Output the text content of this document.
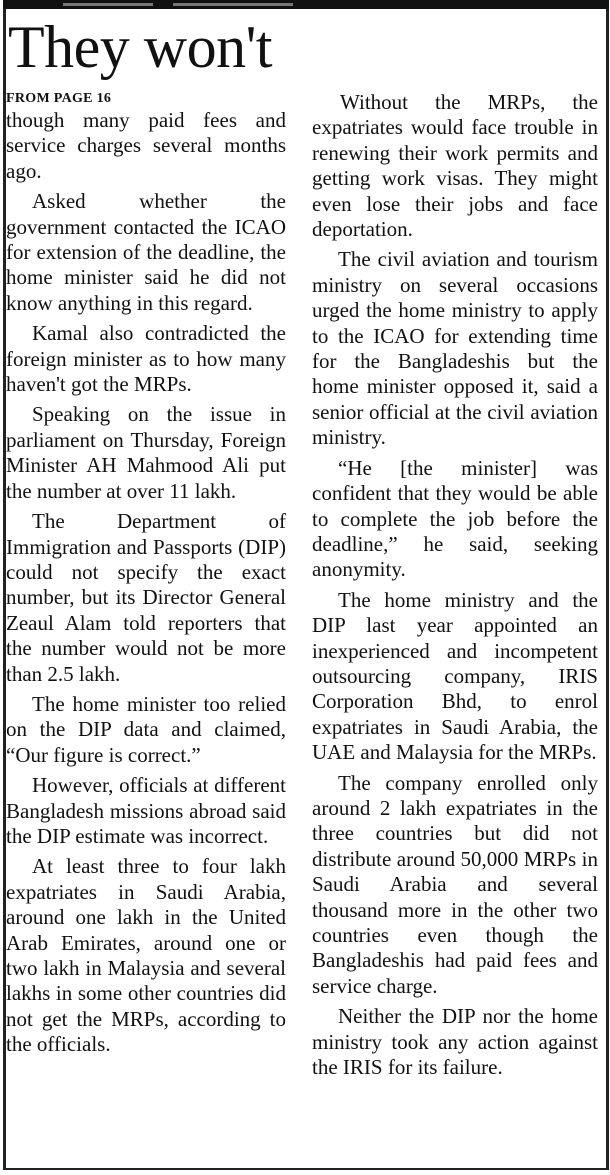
They won't
FROM PAGE 16

though many paid fees and service charges several months ago.

Asked whether the government contacted the ICAO for extension of the deadline, the home minister said he did not know anything in this regard.

Kamal also contradicted the foreign minister as to how many haven't got the MRPs.

Speaking on the issue in parliament on Thursday, Foreign Minister AH Mahmood Ali put the number at over 11 lakh.

The Department of Immigration and Passports (DIP) could not specify the exact number, but its Director General Zeaul Alam told reporters that the number would not be more than 2.5 lakh.

The home minister too relied on the DIP data and claimed, “Our figure is correct.”

However, officials at different Bangladesh missions abroad said the DIP estimate was incorrect.

At least three to four lakh expatriates in Saudi Arabia, around one lakh in the United Arab Emirates, around one or two lakh in Malaysia and several lakhs in some other countries did not get the MRPs, according to the officials.

Without the MRPs, the expatriates would face trouble in renewing their work permits and getting work visas. They might even lose their jobs and face deportation.

The civil aviation and tourism ministry on several occasions urged the home ministry to apply to the ICAO for extending time for the Bangladeshis but the home minister opposed it, said a senior official at the civil aviation ministry.

“He [the minister] was confident that they would be able to complete the job before the deadline,” he said, seeking anonymity.

The home ministry and the DIP last year appointed an inexperienced and incompetent outsourcing company, IRIS Corporation Bhd, to enrol expatriates in Saudi Arabia, the UAE and Malaysia for the MRPs.

The company enrolled only around 2 lakh expatriates in the three countries but did not distribute around 50,000 MRPs in Saudi Arabia and several thousand more in the other two countries even though the Bangladeshis had paid fees and service charge.

Neither the DIP nor the home ministry took any action against the IRIS for its failure.
